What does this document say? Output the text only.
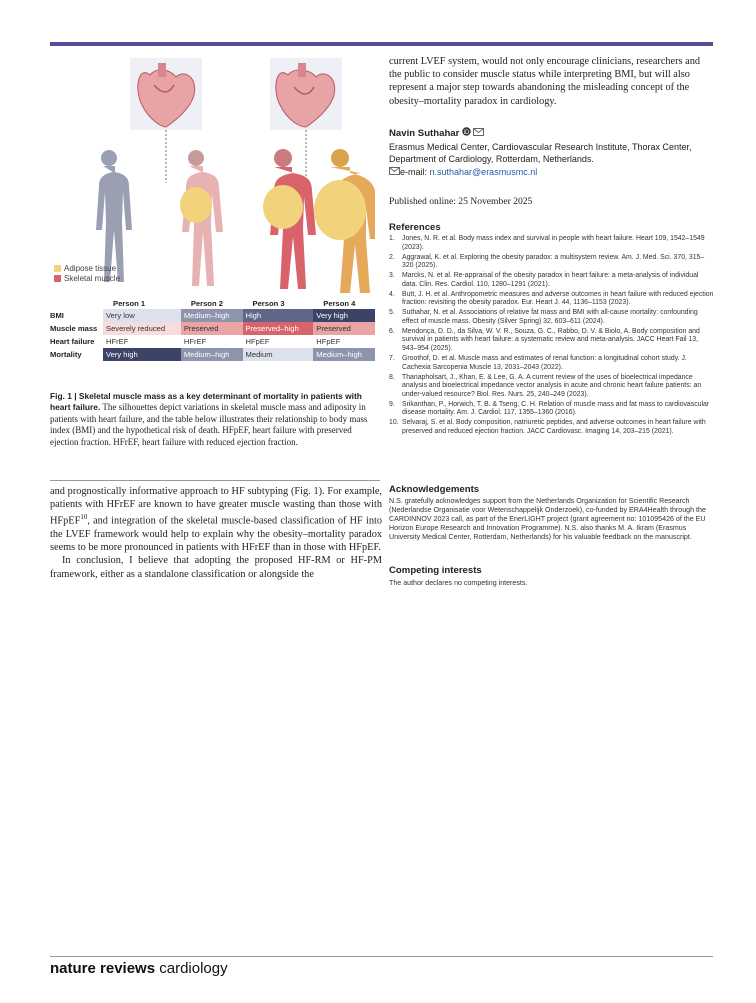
Adipose tissue
Skeletal muscle
	Person 1	Person 2	Person 3	Person 4
BMI	Very low	Medium–high	High	Very high
Muscle mass	Severely reduced	Preserved	Preserved–high	Preserved
Heart failure	HFrEF	HFrEF	HFpEF	HFpEF
Mortality	Very high	Medium–high	Medium	Medium–high
Fig. 1 | Skeletal muscle mass as a key determinant of mortality in patients with heart failure. The silhouettes depict variations in skeletal muscle mass and adiposity in patients with heart failure, and the table below illustrates their relationship to body mass index (BMI) and the hypothetical risk of death. HFpEF, heart failure with preserved ejection fraction. HFrEF, heart failure with reduced ejection fraction.

and prognostically informative approach to HF subtyping (Fig. 1). For example, patients with HFrEF are known to have greater muscle wasting than those with HFpEF$^{10}$, and integration of the skeletal muscle-based classification of HF into the LVEF framework would help to explain why the obesity–mortality paradox seems to be more pronounced in patients with HFrEF than in those with HFpEF.

In conclusion, I believe that adopting the proposed HF-RM or HF-PM framework, either as a standalone classification or alongside the

current LVEF system, would not only encourage clinicians, researchers and the public to consider muscle status while interpreting BMI, but will also represent a major step towards abandoning the misleading concept of the obesity–mortality paradox in cardiology.
Navin Suthahar iD

Erasmus Medical Center, Cardiovascular Research Institute, Thorax Center, Department of Cardiology, Rotterdam, Netherlands.
e-mail: n.suthahar@erasmusmc.nl
Published online: 25 November 2025
References
1. Jones, N. R. et al. Body mass index and survival in people with heart failure. Heart 109, 1542–1549 (2023).
2. Aggrawal, K. et al. Exploring the obesity paradox: a multisystem review. Am. J. Med. Sci. 370, 315–320 (2025).
3. Marcks, N. et al. Re-appraisal of the obesity paradox in heart failure: a meta-analysis of individual data. Clin. Res. Cardiol. 110, 1280–1291 (2021).
4. Butt, J. H. et al. Anthropometric measures and adverse outcomes in heart failure with reduced ejection fraction: revisiting the obesity paradox. Eur. Heart J. 44, 1136–1153 (2023).
5. Suthahar, N. et al. Associations of relative fat mass and BMI with all-cause mortality: confounding effect of muscle mass. Obesity (Silver Spring) 32, 603–611 (2024).
6. Mendonça, D. D., da Silva, W. V. R., Souza, G. C., Rabbo, D. V. & Biolo, A. Body composition and survival in patients with heart failure: a systematic review and meta-analysis. JACC Heart Fail 13, 943–954 (2025).
7. Groothof, D. et al. Muscle mass and estimates of renal function: a longitudinal cohort study. J. Cachexia Sarcopenia Muscle 13, 2031–2043 (2022).
8. Thanapholsart, J., Khan, E. & Lee, G. A. A current review of the uses of bioelectrical impedance analysis and bioelectrical impedance vector analysis in acute and chronic heart failure patients: an under-valued resource? Biol. Res. Nurs. 25, 240–249 (2023).
9. Srikanthan, P., Horwich, T. B. & Tseng, C. H. Relation of muscle mass and fat mass to cardiovascular disease mortality. Am. J. Cardiol. 117, 1355–1360 (2016).
10. Selvaraj, S. et al. Body composition, natriuretic peptides, and adverse outcomes in heart failure with preserved and reduced ejection fraction. JACC Cardiovasc. Imaging 14, 203–215 (2021).
Acknowledgements
N.S. gratefully acknowledges support from the Netherlands Organization for Scientific Research (Nederlandse Organisatie voor Wetenschappelijk Onderzoek), co-funded by ERA4Health through the CARDINNOV 2023 call, as part of the EnerLIGHT project (grant agreement no: 101095426 of the EU Horizon Europe Research and Innovation Programme). N.S. also thanks M. A. Ikram (Erasmus University Medical Center, Rotterdam, Netherlands) for his valuable feedback on the manuscript.
Competing interests
The author declares no competing interests.
nature reviews cardiology
